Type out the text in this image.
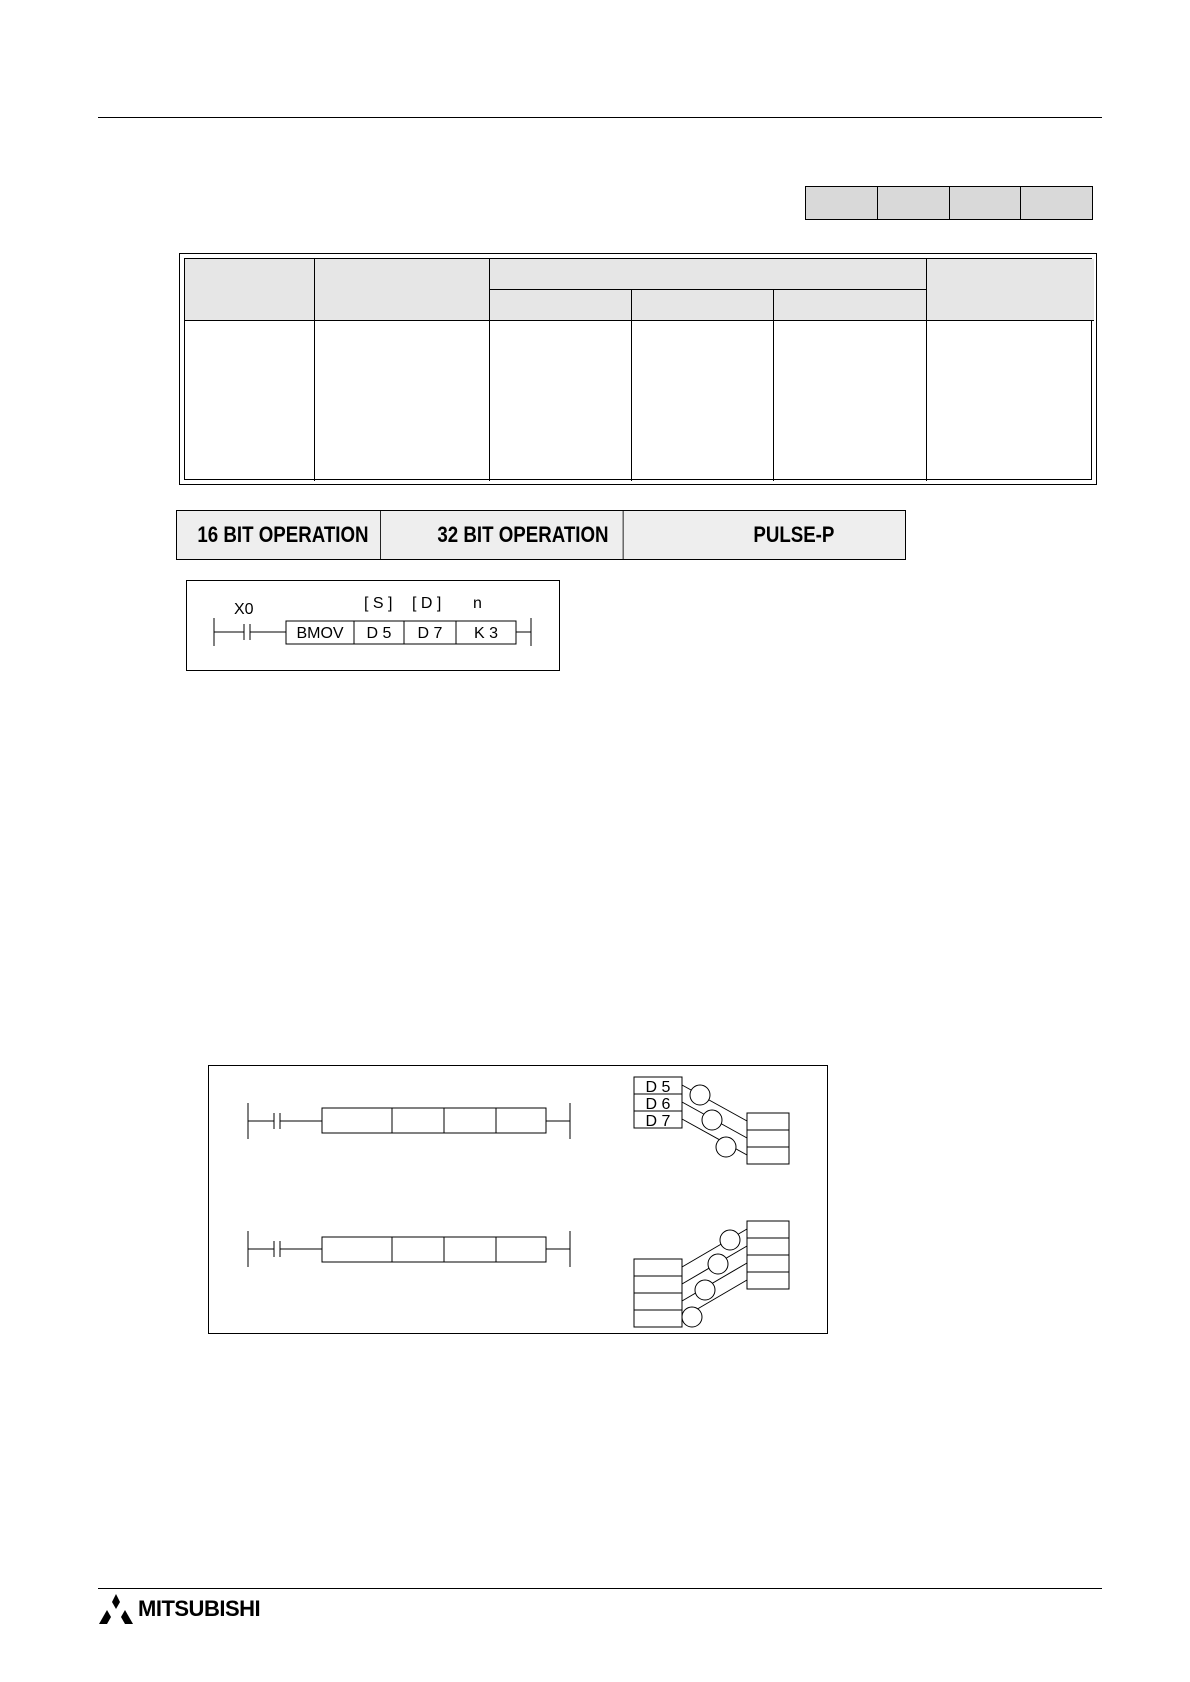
16 BIT OPERATION	32 BIT OPERATION	PULSE-P
X0	[ S ] [ D ] n
BMOV D 5 D 7 K 3
D 5
D 6
D 7
MITSUBISHI
